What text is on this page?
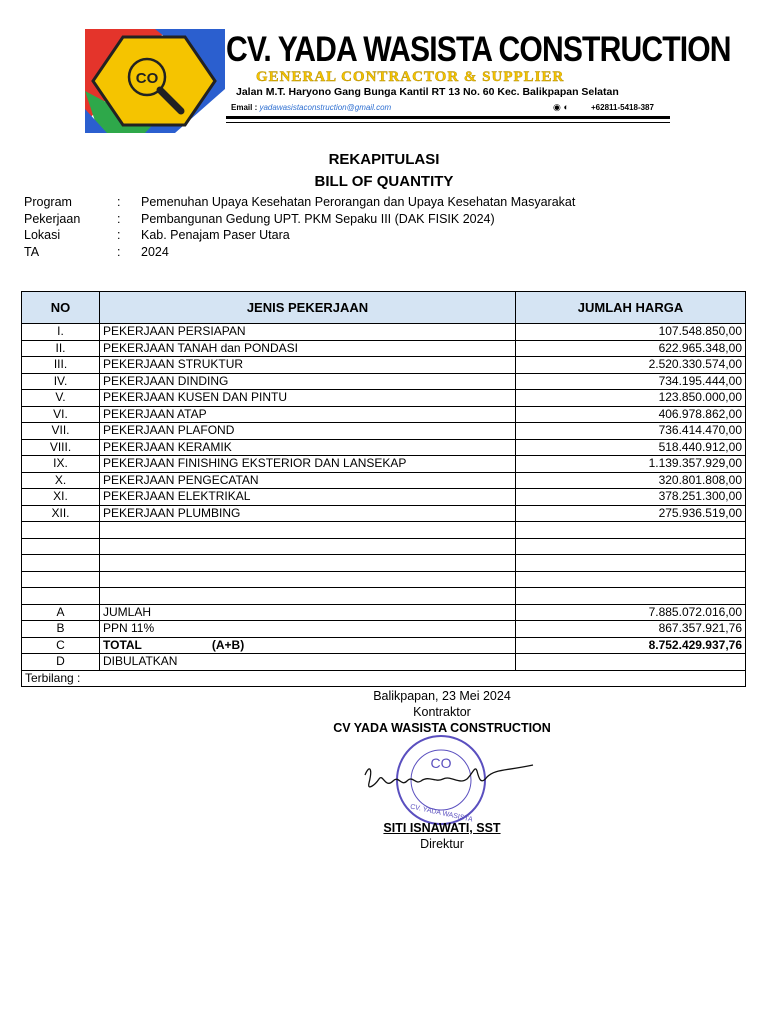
CO
CV. YADA WASISTA CONSTRUCTION
GENERAL CONTRACTOR & SUPPLIER
Jalan M.T. Haryono Gang Bunga Kantil RT 13 No. 60 Kec. Balikpapan Selatan
Email : yadawasistaconstruction@gmail.com	◉ ◐	+62811-5418-387
REKAPITULASI
BILL OF QUANTITY
Program	: Pemenuhan Upaya Kesehatan Perorangan dan Upaya Kesehatan Masyarakat
Pekerjaan	: Pembangunan Gedung UPT. PKM Sepaku III (DAK FISIK 2024)
Lokasi	: Kab. Penajam Paser Utara
TA	: 2024
NO	JENIS PEKERJAAN	JUMLAH HARGA
I.	PEKERJAAN PERSIAPAN	107.548.850,00
II.	PEKERJAAN TANAH dan PONDASI	622.965.348,00
III.	PEKERJAAN STRUKTUR	2.520.330.574,00
IV.	PEKERJAAN DINDING	734.195.444,00
V.	PEKERJAAN KUSEN DAN PINTU	123.850.000,00
VI.	PEKERJAAN ATAP	406.978.862,00
VII.	PEKERJAAN PLAFOND	736.414.470,00
VIII.	PEKERJAAN KERAMIK	518.440.912,00
IX.	PEKERJAAN FINISHING EKSTERIOR DAN LANSEKAP	1.139.357.929,00
X.	PEKERJAAN PENGECATAN	320.801.808,00
XI.	PEKERJAAN ELEKTRIKAL	378.251.300,00
XII.	PEKERJAAN PLUMBING	275.936.519,00

A	JUMLAH	7.885.072.016,00
B	PPN 11%	867.357.921,76
C	TOTAL (A+B)	8.752.429.937,76
D	DIBULATKAN	
Terbilang :		
Balikpapan, 23 Mei 2024
Kontraktor
CV YADA WASISTA CONSTRUCTION
CO
CV. YADA WASISTA
SITI ISNAWATI, SST
Direktur
